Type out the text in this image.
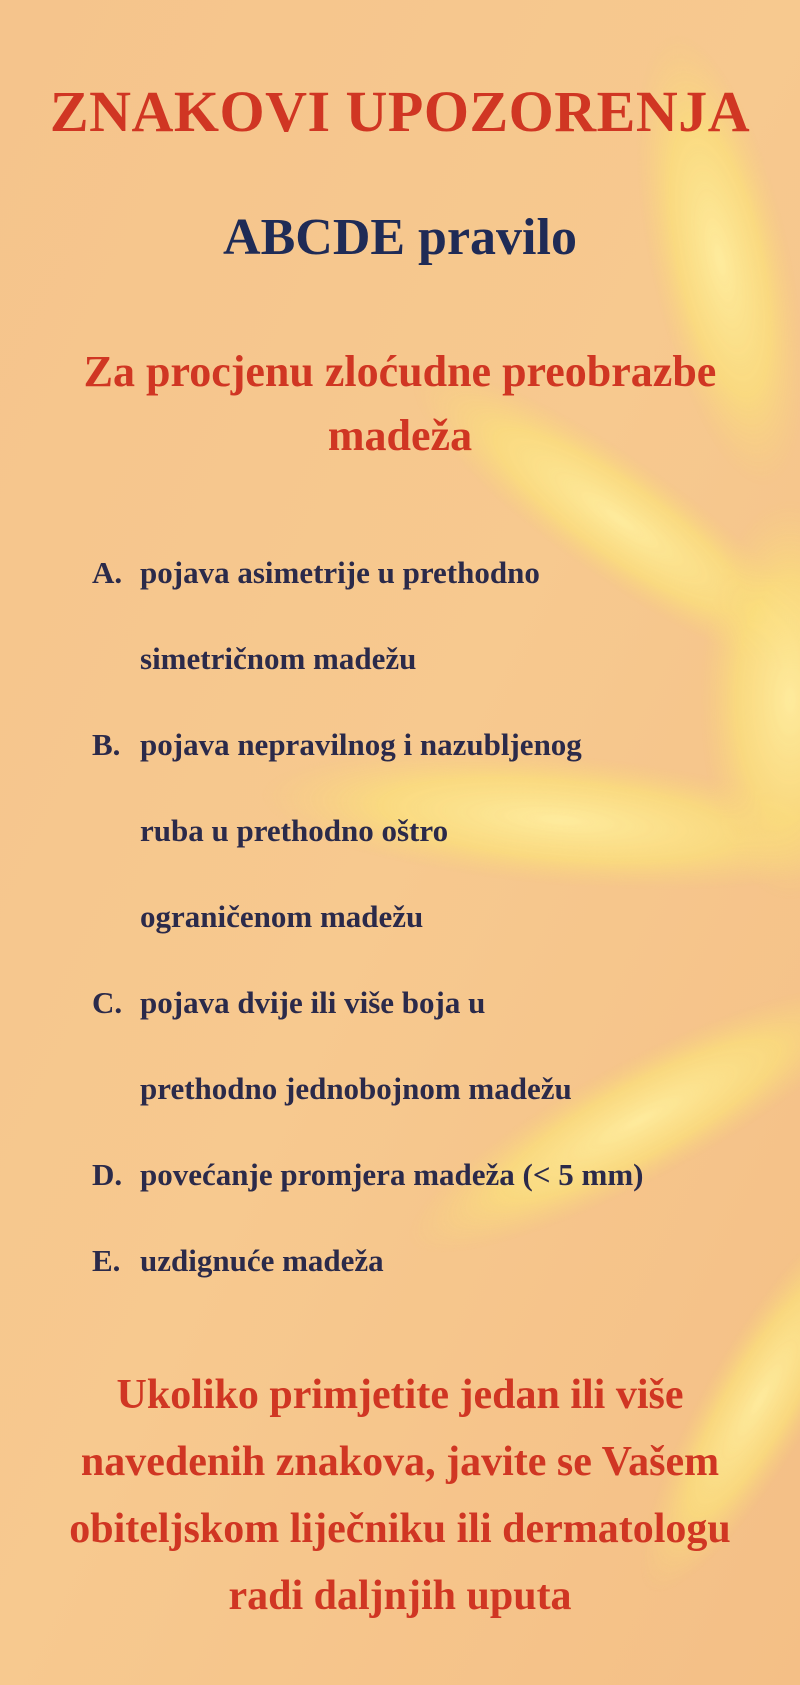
ZNAKOVI UPOZORENJA
ABCDE pravilo

Za procjenu zloćudne preobrazbe madeža

A. pojava asimetrije u prethodno
simetričnom madežu
B. pojava nepravilnog i nazubljenog
ruba u prethodno oštro
ograničenom madežu
C. pojava dvije ili više boja u
prethodno jednobojnom madežu
D. povećanje promjera madeža (< 5 mm)
E. uzdignuće madeža

Ukoliko primjetite jedan ili više navedenih znakova, javite se Vašem obiteljskom liječniku ili dermatologu radi daljnjih uputa
